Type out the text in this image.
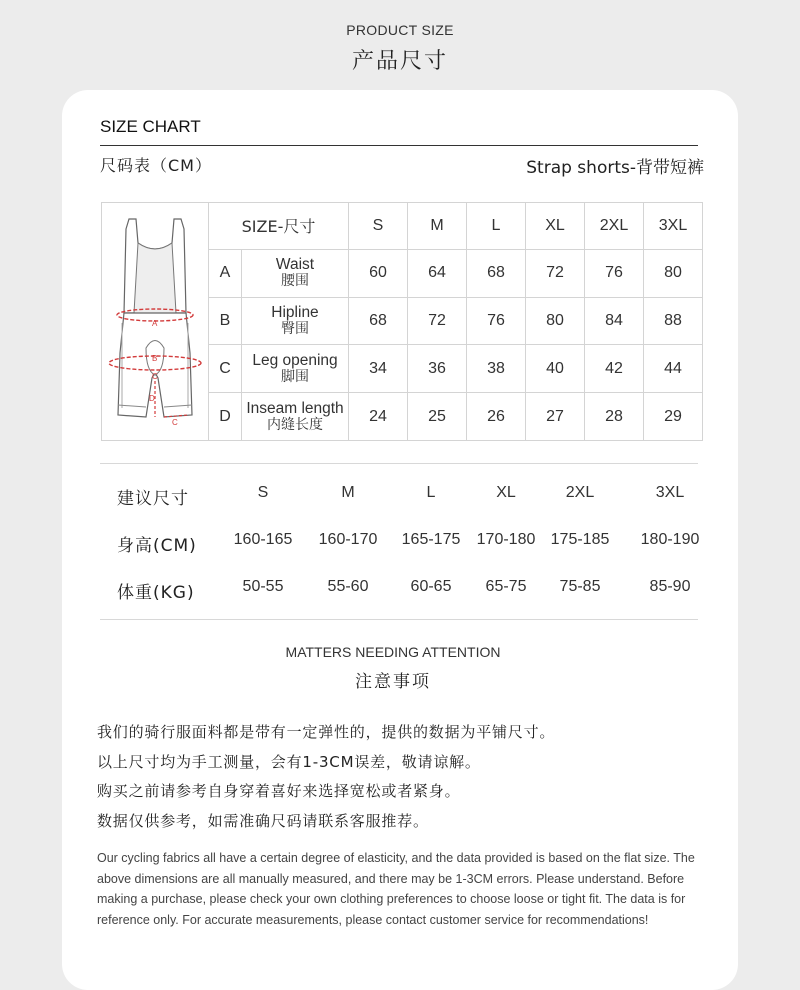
PRODUCT SIZE
产品尺寸
SIZE CHART
尺码表（CM）	Strap shorts-背带短裤
A
B
C
D
C	SIZE-尺寸		S	M	L	XL	2XL	3XL
	A	Waist
腰围	60	64	68	72	76	80
	B	Hipline
臀围	68	72	76	80	84	88
	C	Leg opening
脚围	34	36	38	40	42	44
	D	Inseam length
内缝长度	24	25	26	27	28	29
建议尺寸	S	M	L	XL	2XL	3XL
身高(CM) 160-165 160-170 165-175 170-180 175-185 180-190
体重(KG)	50-55	55-60	60-65 65-75 75-85	85-90
MATTERS NEEDING ATTENTION
注意事项
我们的骑行服面料都是带有一定弹性的，提供的数据为平铺尺寸。
以上尺寸均为手工测量，会有1-3CM误差，敬请谅解。
购买之前请参考自身穿着喜好来选择宽松或者紧身。
数据仅供参考，如需准确尺码请联系客服推荐。

Our cycling fabrics all have a certain degree of elasticity, and the data provided is based on the flat size. The above dimensions are all manually measured, and there may be 1-3CM errors. Please understand. Before making a purchase, please check your own clothing preferences to choose loose or tight fit. The data is for reference only. For accurate measurements, please contact customer service for recommendations!
